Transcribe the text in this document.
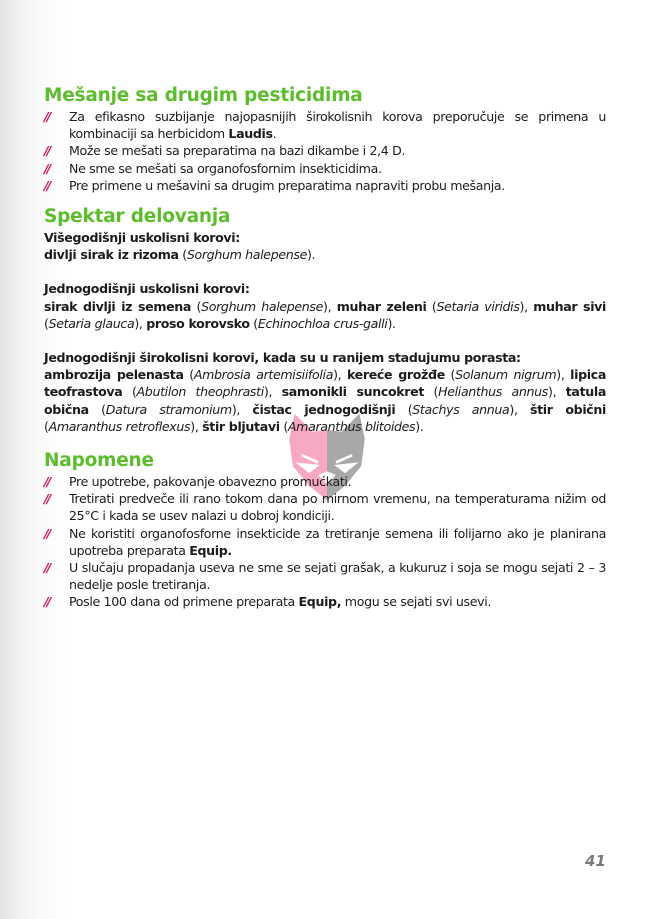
Mešanje sa drugim pesticidima
// Za efikasno suzbijanje najopasnijih širokolisnih korova preporučuje se primena u kombinaciji sa herbicidom Laudis.
// Može se mešati sa preparatima na bazi dikambe i 2,4 D.
// Ne sme se mešati sa organofosfornim insekticidima.
// Pre primene u mešavini sa drugim preparatima napraviti probu mešanja.
Spektar delovanja
Višegodišnji uskolisni korovi:

divlji sirak iz rizoma (Sorghum halepense).

Jednogodišnji uskolisni korovi:

sirak divlji iz semena (Sorghum halepense), muhar zeleni (Setaria viridis), muhar sivi (Setaria glauca), proso korovsko (Echinochloa crus-galli).

Jednogodišnji širokolisni korovi, kada su u ranijem stadujumu porasta:

ambrozija pelenasta (Ambrosia artemisiifolia), kereće grožđe (Solanum nigrum), lipica teofrastova (Abutilon theophrasti), samonikli suncokret (Helianthus annus), tatula obična (Datura stramonium), čistac jednogodišnji (Stachys annua), štir obični (Amaranthus retroflexus), štir bljutavi (Amaranthus blitoides).

Napomene
// Pre upotrebe, pakovanje obavezno promućkati.
// Tretirati predveče ili rano tokom dana po mirnom vremenu, na temperaturama nižim od 25°C i kada se usev nalazi u dobroj kondiciji.
// Ne koristiti organofosforne insekticide za tretiranje semena ili folijarno ako je planirana upotreba preparata Equip.
// U slučaju propadanja useva ne sme se sejati grašak, a kukuruz i soja se mogu sejati 2 – 3 nedelje posle tretiranja.
// Posle 100 dana od primene preparata Equip, mogu se sejati svi usevi.
41
